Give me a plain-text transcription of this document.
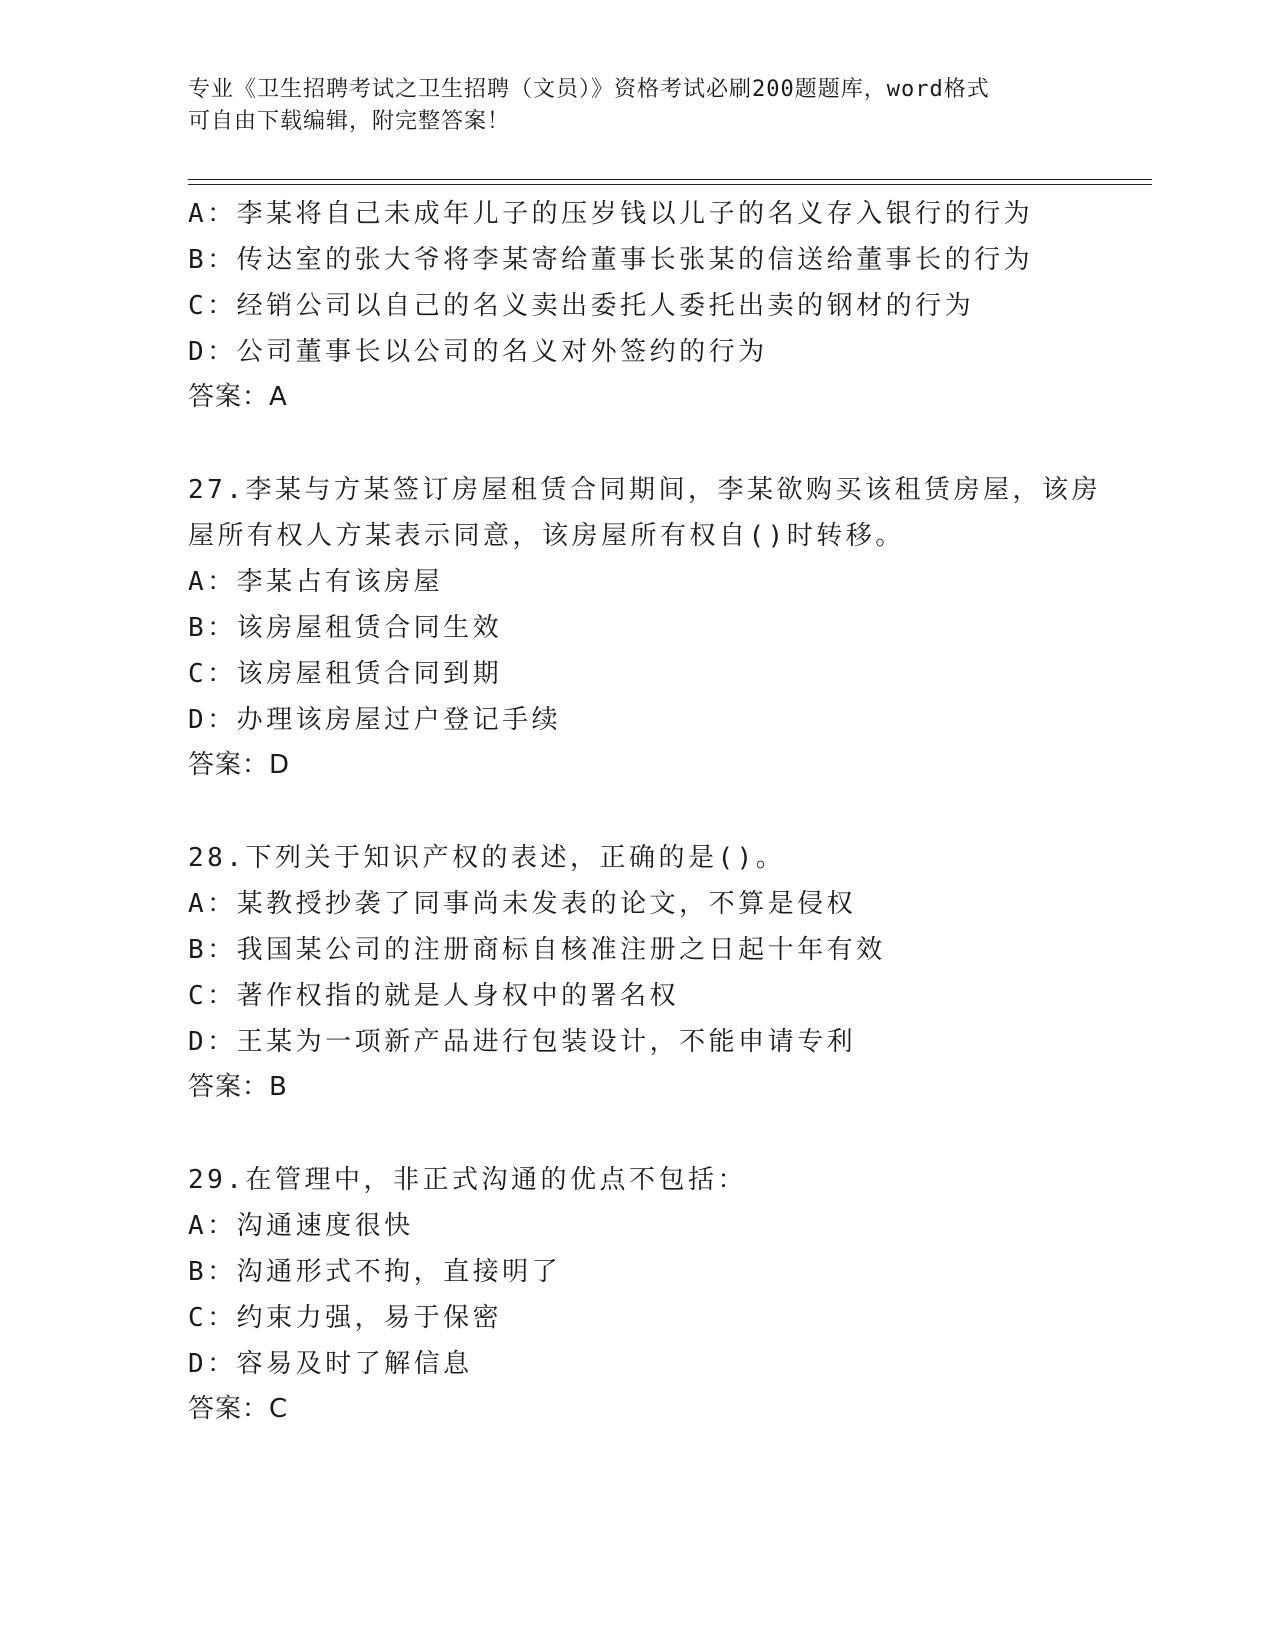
专业《卫生招聘考试之卫生招聘（文员）》资格考试必刷200题题库，word格式
可自由下载编辑，附完整答案！
A：李某将自己未成年儿子的压岁钱以儿子的名义存入银行的行为
B：传达室的张大爷将李某寄给董事长张某的信送给董事长的行为
C：经销公司以自己的名义卖出委托人委托出卖的钢材的行为
D：公司董事长以公司的名义对外签约的行为
答案：A
27.李某与方某签订房屋租赁合同期间，李某欲购买该租赁房屋，该房
屋所有权人方某表示同意，该房屋所有权自()时转移。
A：李某占有该房屋
B：该房屋租赁合同生效
C：该房屋租赁合同到期
D：办理该房屋过户登记手续
答案：D
28.下列关于知识产权的表述，正确的是()。
A：某教授抄袭了同事尚未发表的论文，不算是侵权
B：我国某公司的注册商标自核准注册之日起十年有效
C：著作权指的就是人身权中的署名权
D：王某为一项新产品进行包装设计，不能申请专利
答案：B
29.在管理中，非正式沟通的优点不包括：
A：沟通速度很快
B：沟通形式不拘，直接明了
C：约束力强，易于保密
D：容易及时了解信息
答案：C
